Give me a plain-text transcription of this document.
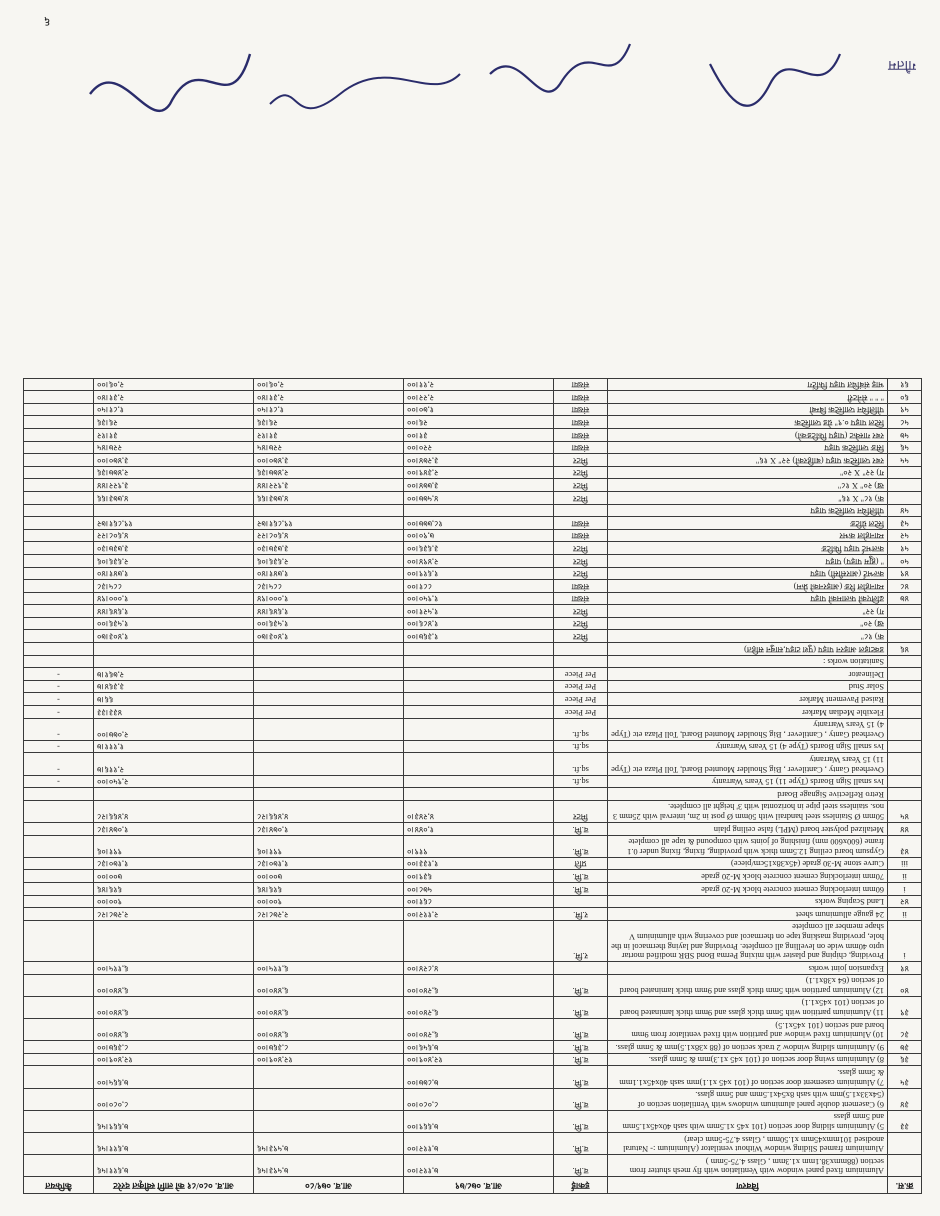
क्र.स.	विवरण	इकाई	आ.व. ०७८/७९	आ.व. ०७९/८०	आ.व. ०८०/८१ को लागि स्वीकृत दररेट	कैफियत
	Aluminium fixed panel window with Ventilation with fly mesh shutter from section (88mmx38.1mm x1.3mm , Glass 4.75-5mm )	व.मि.	७,११२।००	७,५९३।५६	७,६११।५६	
	Aluminium framed Sliding window Without ventilator (Aluminium :- Natural anodised 101mmx45mm x1.50mm , Glass 4.75-5mm clear)	व.मि.	७,११२।००	७,५९३।५६	७,६११।५६	
३३	5) Aluminium sliding door section (101 x45 x1.5mm with sash 40x45x1.5mm and 5mm glass	व.मि.	७,६६९।००		७,६६९।५६	
३४	6) Casement double panel aluminum windows with Ventilation section of (54x33x1.5)mm with sash 8x54x1.5mm and 5mm glass.	व.मि.	८,०८०।००		८,०८०।००	
३५	7) Aluminium casement door section of (101 x45 x1.1)mm sash 40x45x1.1mm & 5mm glass.	व.मि.	७,८७७।००		७,६६५।००	
३६	8) Aluminium swing door section of (101 x45 x1.3)mm & 5mm glass.	व.मि.	१२,४०९।००	१२,४०९।००	१२,४०९।००	
३७	9) Aluminium sliding window 2 track section of (88 x38x1.5)mm & 5mm glass.	व.मि.	७,६५६।००	८,३६७।००	८,३६७।००	
३८	10) Aluminium fixed window and partition with fixed ventilator from 9mm board and section (101 x45x1.5)	व.मि.	६,२४०।००	६,४४०।००	६,४४०।००	
३९	11) Aluminium partition with 5mm thick glass and 9mm thick laminated board of section (101 x45x1.1)	व.मि.	६,२४०।००	६,४४०।००	६,४४०।००	
४०	12) Aluminium partition with 5mm thick glass and 9mm thick laminated board of section (64 x38x1.1)	व.मि.	६,२४०।००	६,४४०।००	६,४४०।००	
४१	Expansion joint works		४,८२४।००	६,११५।००	६,११५।००	
i	Providing, chiping and plaster with mixing Perma Bond SBR modified mortar upto 40mm wide on levelling all complete. Providing and laying thermacol in the hole, providing masking tape on thermacol and covering with alluminium V shape member all complete	र.मि.				
ii	24 gauge alluminum sheet	र.मि.	२,११२।००	२,२७८।२८	२,२७८।२८	
४२	Land Scaping works		८६१।००	९००।००	९००।००	
i	60mm interlocking cement concrete block M-20 grade	व.मि.	५७८।००	६१६।४६	६१६।४६	
ii	70mm interlocking cement concrete block M-20 grade	व.मि.	६३९।००	७००।००	७००।००	
iii	Curve stone M-30 grade (45x38x15cm/piece)	प्रति	१,१३३।००	१,१७०।३८	१,१७०।३८	
४३	Gypsum board ceiling 12.5mm thick with providing, fixing, fixing under 0.1 frame (600x600 mm) finishing of joints with compound & tape all complete	व.मि.	९१९।०	९९१।०६	९९१।०६	
४४	Metalized polyster board (MPL) false ceiling plain	व.मि.	१,०४४।०	१,०७४।३८	१,०७४।३८	
४५	50mm Ø Stainless steel handrail with 50mm Ø post in 2m, interval with 25mm 3 nos. stainless steel pipe in horizontal with 3' height all complete.	मिटर	४,२४३।०	४,४६६।२८	४,४६६।२८	
	Retro Reflective Signage Board					
	Ivs small Sign Boards (Type 11) 15 Years Warranty	sq.ft.			२,९५०।००	-
	Overhead Ganty , Cantilever , Big Shoulder Mounted Board, Toll Plaza etc (Type 11) 15 Years Warranty	sq.ft.			२,११६।७	-
	Ivs small Sign Boards (Type 4) 15 Years Warranty	sq.ft.			१,१११।७	-
	Overhead Ganty , Cantilever , Big Shoulder Mounted Board, Toll Plaza etc (Type 4) 15 Years Warranty	sq.ft.			२,०७७।००	-
	Flexible Median Marker	Per Piece			४३३।३३	-
	Raised Pavement Marker	Per Piece			६६।७	-
	Solar Stud	Per Piece			३,३६४।७	-
	Delineator	Per Piece			२,७६१।७	-
	Sanitation works :					
४६	डक्टाइल आइरन पाइप (पुश टाइप,साबुन सहित)					
	क) १८"	मिटर	१,३६७।००	१,४०३।७०	१,४०३।७०	
	ख) २०"	मिटर	१,४८६।००	१,५३६।००	१,५३६।००	
	ग) २२"	मिटर	१,५२१।००	१,६४६।४४	१,६४६।४४	
४७	ढलिएको फलामको पाइप	संख्या	१,९५०।००	१,०००।९४	१,०००।९४	
४८	म्यानहोल रिङ (आइरनको फ्रेम)	संख्या	८८१।००	८८५।३८	८८५।३८	
४९	कल्भर्ट (आरसीसी) पाइप	मिटर	१,६१९।००	१,७४१।४०	१,७४१।४०	
५०	" (ह्युम पाइप) पाइप	मिटर	२,४९४।००	२,६३६।०६	२,६३६।०६	
५१	कलभर्ट पाइप फिटिङ	मिटर	३,६३६।००	३,७३७।३०	३,७३७।३०	
५२	म्यानहोल कभर	संख्या	७,९०।००	४,६०८।२२	४,६०८।२२	
५३	स्टिल ग्रेटिङ	संख्या	१८,७७७।००	१९,८६१।७२	१९,८६१।७२	
५४	पोलिथिन प्लास्टिक पाइप					
	क) १८" X १६"	मिटर	४,५७७।००	४,७७३।६६	४,७७३।६६	
	ख) २०" X १८"	मिटर	३,७७४।००	३,९२२।४४	३,९२२।४४	
	ग) २२" X २०"	मिटर	२,३४९।००	२,४७७।३६	२,४७७।३६	
५५	रबर प्लास्टिक पाइप (बाहिरको) २२" X १६"	मिटर	३,२७४।००	३,४७०।००	३,४७०।००	
५६	सिङ प्लास्टिक पाइप	संख्या	२२०।००	२२७।४५	२२७।४५	
५७	रबर गास्केट (पाइप फिटिङको)	संख्या	३१।००	३१।१२	३१।१२	
५८	स्टिल पाइप ०.९" ग्रेड प्लास्टिक	संख्या	२६।००	२६।३६	२६।३६	
५९	पोलिथिन प्लास्टिक बिम्बो	संख्या	१,७०।००	१,८१।५०	१,८१।५०	
६०	" " " सेनेटरी	संख्या	२,२२।००	२,३१।४०	२,३१।४०	
६१	भाइ संबंधित पाइप फिटिंग	संख्या	२,११।००	२,०६।००	२,०६।००	
६
गौतम
